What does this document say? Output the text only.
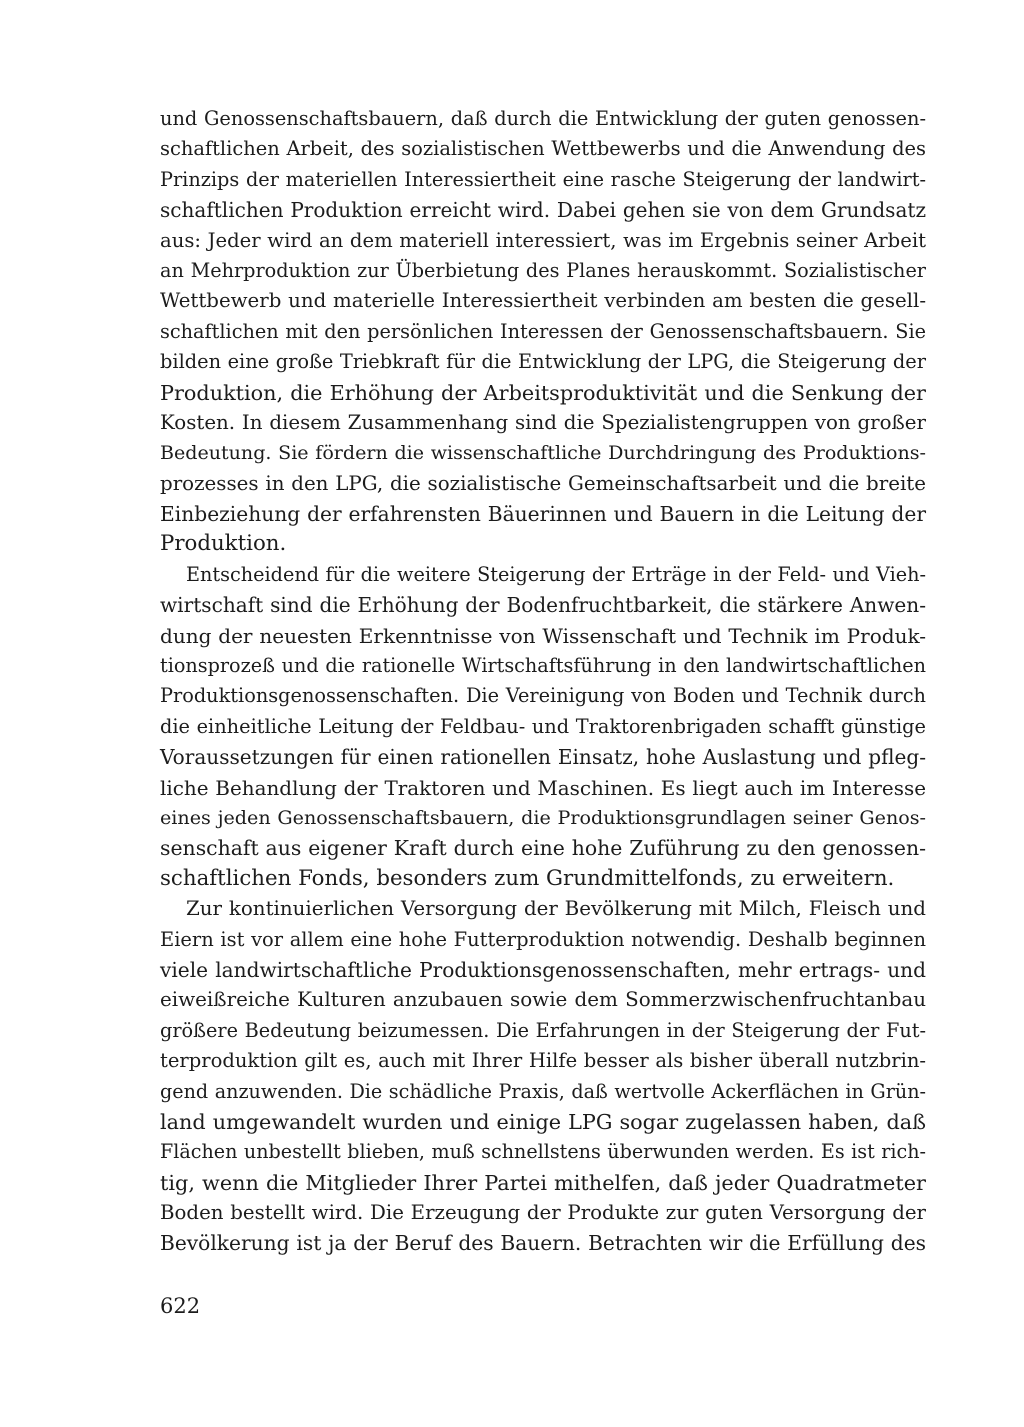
und Genossenschaftsbauern, daß durch die Entwicklung der guten genossen-
schaftlichen Arbeit, des sozialistischen Wettbewerbs und die Anwendung des
Prinzips der materiellen Interessiertheit eine rasche Steigerung der landwirt-
schaftlichen Produktion erreicht wird. Dabei gehen sie von dem Grundsatz
aus: Jeder wird an dem materiell interessiert, was im Ergebnis seiner Arbeit
an Mehrproduktion zur Überbietung des Planes herauskommt. Sozialistischer
Wettbewerb und materielle Interessiertheit verbinden am besten die gesell-
schaftlichen mit den persönlichen Interessen der Genossenschaftsbauern. Sie
bilden eine große Triebkraft für die Entwicklung der LPG, die Steigerung der
Produktion, die Erhöhung der Arbeitsproduktivität und die Senkung der
Kosten. In diesem Zusammenhang sind die Spezialistengruppen von großer
Bedeutung. Sie fördern die wissenschaftliche Durchdringung des Produktions-
prozesses in den LPG, die sozialistische Gemeinschaftsarbeit und die breite
Einbeziehung der erfahrensten Bäuerinnen und Bauern in die Leitung der
Produktion.
Entscheidend für die weitere Steigerung der Erträge in der Feld- und Vieh-
wirtschaft sind die Erhöhung der Bodenfruchtbarkeit, die stärkere Anwen-
dung der neuesten Erkenntnisse von Wissenschaft und Technik im Produk-
tionsprozeß und die rationelle Wirtschaftsführung in den landwirtschaftlichen
Produktionsgenossenschaften. Die Vereinigung von Boden und Technik durch
die einheitliche Leitung der Feldbau- und Traktorenbrigaden schafft günstige
Voraussetzungen für einen rationellen Einsatz, hohe Auslastung und pfleg-
liche Behandlung der Traktoren und Maschinen. Es liegt auch im Interesse
eines jeden Genossenschaftsbauern, die Produktionsgrundlagen seiner Genos-
senschaft aus eigener Kraft durch eine hohe Zuführung zu den genossen-
schaftlichen Fonds, besonders zum Grundmittelfonds, zu erweitern.
Zur kontinuierlichen Versorgung der Bevölkerung mit Milch, Fleisch und
Eiern ist vor allem eine hohe Futterproduktion notwendig. Deshalb beginnen
viele landwirtschaftliche Produktionsgenossenschaften, mehr ertrags- und
eiweißreiche Kulturen anzubauen sowie dem Sommerzwischenfruchtanbau
größere Bedeutung beizumessen. Die Erfahrungen in der Steigerung der Fut-
terproduktion gilt es, auch mit Ihrer Hilfe besser als bisher überall nutzbrin-
gend anzuwenden. Die schädliche Praxis, daß wertvolle Ackerflächen in Grün-
land umgewandelt wurden und einige LPG sogar zugelassen haben, daß
Flächen unbestellt blieben, muß schnellstens überwunden werden. Es ist rich-
tig, wenn die Mitglieder Ihrer Partei mithelfen, daß jeder Quadratmeter
Boden bestellt wird. Die Erzeugung der Produkte zur guten Versorgung der
Bevölkerung ist ja der Beruf des Bauern. Betrachten wir die Erfüllung des
622
